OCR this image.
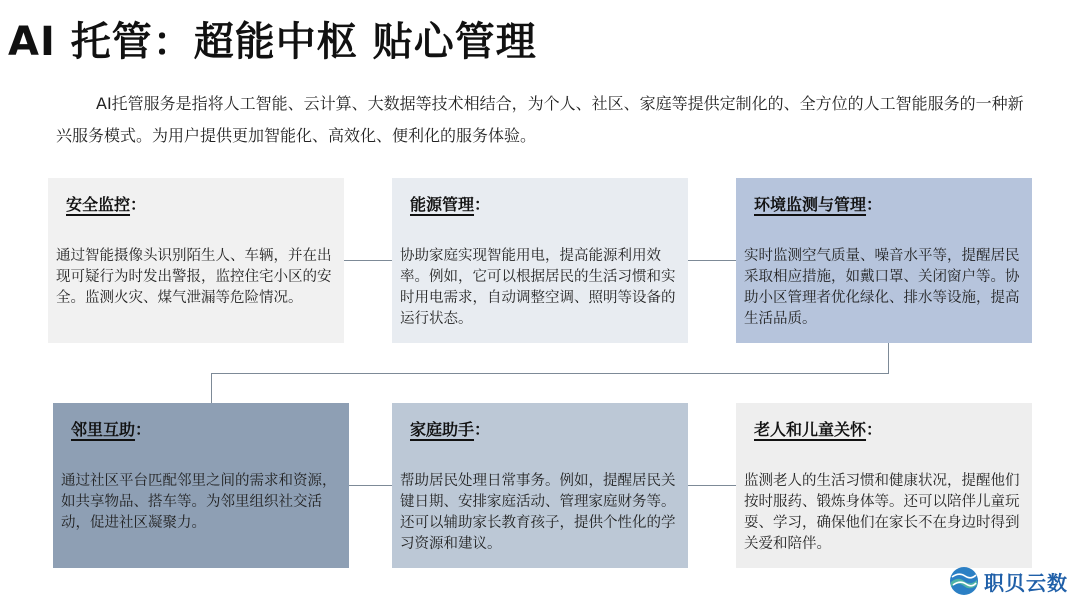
AI 托管：超能中枢 贴心管理
AI托管服务是指将人工智能、云计算、大数据等技术相结合，为个人、社区、家庭等提供定制化的、全方位的人工智能服务的一种新兴服务模式。为用户提供更加智能化、高效化、便利化的服务体验。
安全监控：
通过智能摄像头识别陌生人、车辆，并在出现可疑行为时发出警报，监控住宅小区的安全。监测火灾、煤气泄漏等危险情况。
能源管理：
协助家庭实现智能用电，提高能源利用效率。例如，它可以根据居民的生活习惯和实时用电需求，自动调整空调、照明等设备的运行状态。
环境监测与管理：
实时监测空气质量、噪音水平等，提醒居民采取相应措施，如戴口罩、关闭窗户等。协助小区管理者优化绿化、排水等设施，提高生活品质。
邻里互助：
通过社区平台匹配邻里之间的需求和资源，如共享物品、搭车等。为邻里组织社交活动，促进社区凝聚力。
家庭助手：
帮助居民处理日常事务。例如，提醒居民关键日期、安排家庭活动、管理家庭财务等。还可以辅助家长教育孩子，提供个性化的学习资源和建议。
老人和儿童关怀：
监测老人的生活习惯和健康状况，提醒他们按时服药、锻炼身体等。还可以陪伴儿童玩耍、学习，确保他们在家长不在身边时得到关爱和陪伴。
职贝云数
